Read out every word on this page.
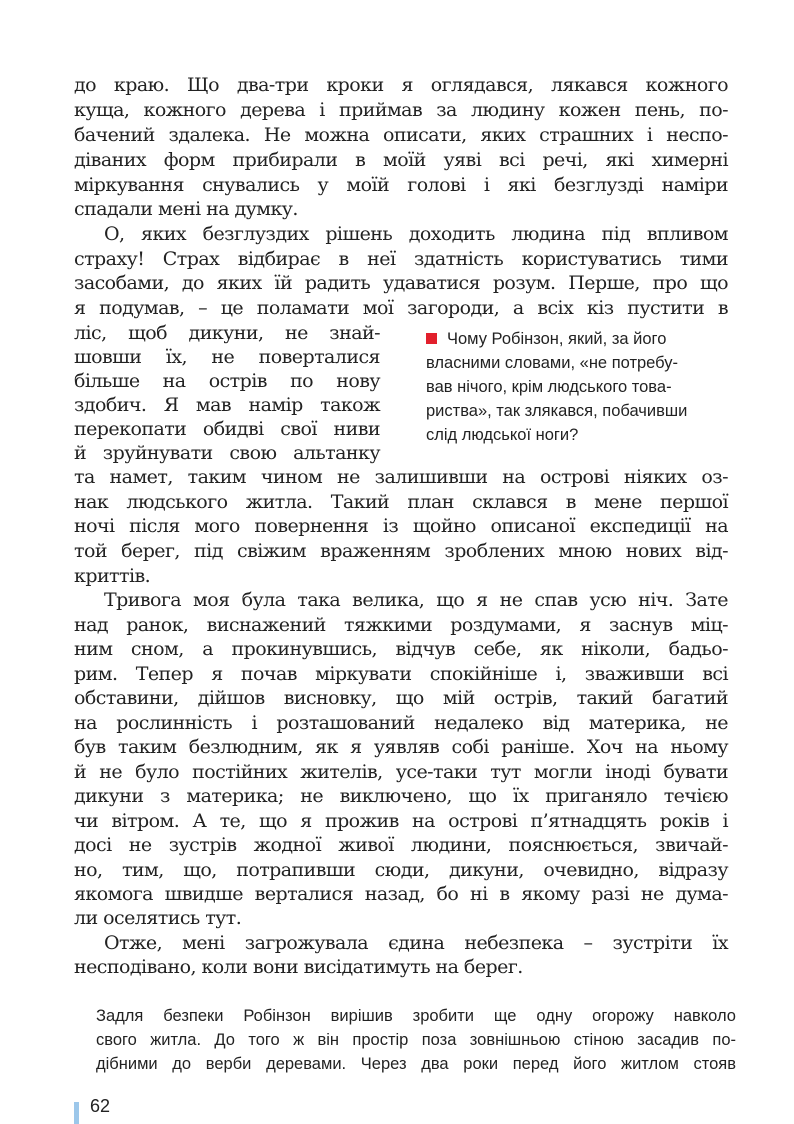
до краю. Що два-три кроки я оглядався, лякався кожного
куща, кожного дерева і приймав за людину кожен пень, по-
бачений здалека. Не можна описати, яких страшних і неспо-
діваних форм прибирали в моїй уяві всі речі, які химерні
міркування снувались у моїй голові і які безглузді наміри
спадали мені на думку.
О, яких безглуздих рішень доходить людина під впливом
страху! Страх відбирає в неї здатність користуватись тими
засобами, до яких їй радить удаватися розум. Перше, про що
я подумав, – це поламати мої загороди, а всіх кіз пустити в
ліс, щоб дикуни, не знай-
шовши їх, не поверталися
більше на острів по нову
здобич. Я мав намір також
перекопати обидві свої ниви
й зруйнувати свою альтанку
та намет, таким чином не залишивши на острові ніяких оз-
нак людського житла. Такий план склався в мене першої
ночі після мого повернення із щойно описаної експедиції на
той берег, під свіжим враженням зроблених мною нових від-
криттів.
Чому Робінзон, який, за його
власними словами, «не потребу-
вав нічого, крім людського това-
риства», так злякався, побачивши
слід людської ноги?
Тривога моя була така велика, що я не спав усю ніч. Зате
над ранок, виснажений тяжкими роздумами, я заснув міц-
ним сном, а прокинувшись, відчув себе, як ніколи, бадьо-
рим. Тепер я почав міркувати спокійніше і, зваживши всі
обставини, дійшов висновку, що мій острів, такий багатий
на рослинність і розташований недалеко від материка, не
був таким безлюдним, як я уявляв собі раніше. Хоч на ньому
й не було постійних жителів, усе-таки тут могли іноді бувати
дикуни з материка; не виключено, що їх приганяло течією
чи вітром. А те, що я прожив на острові п’ятнадцять років і
досі не зустрів жодної живої людини, пояснюється, звичай-
но, тим, що, потрапивши сюди, дикуни, очевидно, відразу
якомога швидше верталися назад, бо ні в якому разі не дума-
ли оселятись тут.
Отже, мені загрожувала єдина небезпека – зустріти їх
несподівано, коли вони висідатимуть на берег.
Задля безпеки Робінзон вирішив зробити ще одну огорожу навколо
свого житла. До того ж він простір поза зовнішньою стіною засадив по-
дібними до верби деревами. Через два роки перед його житлом стояв
62
